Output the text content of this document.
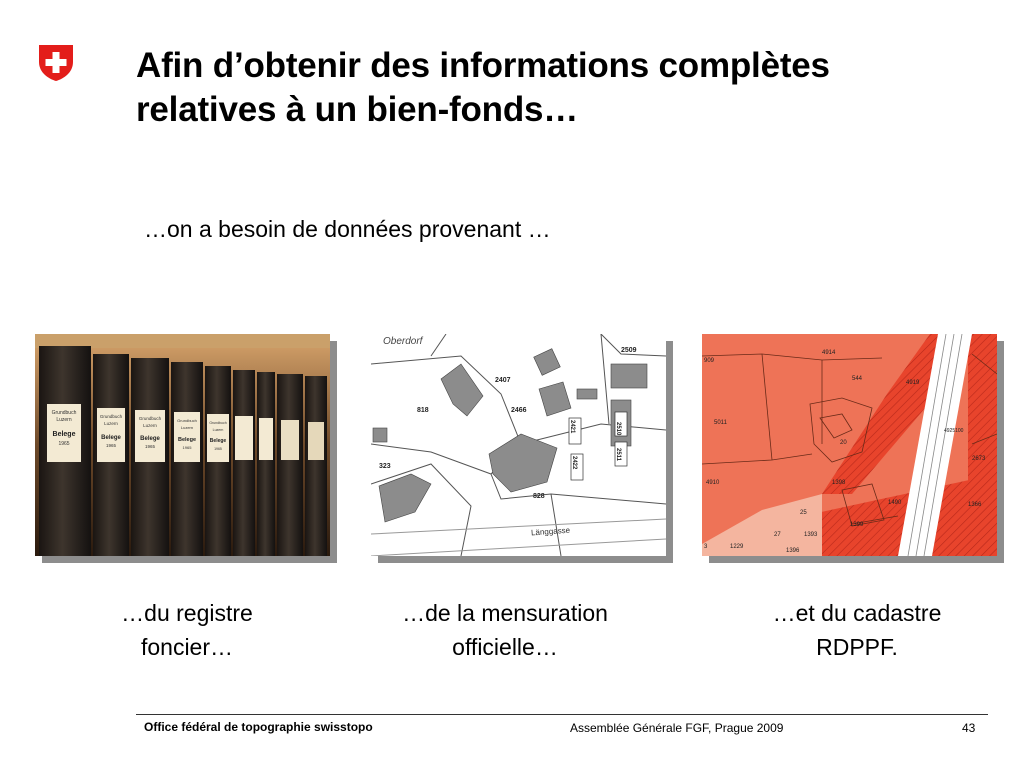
Afin d’obtenir des informations complètes
relatives à un bien-fonds…
…on a besoin de données provenant …
Grundbuch
Luzern
Belege
1965
Grundbuch
Luzern
Belege
1965
Grundbuch
Luzern
Belege
1965
Grundbuch
Luzern
Belege
1965
Grundbuch
Luzern
Belege
1965
Oberdorf
2509
2407
2466
818
2510
2421
2422
2511
323
828
Länggasse
909
4914
544
4919
5011
4910
1490
1399
1393
1396
27
25
20
2673
1366
1229
1398
3
4925100
…du registre
foncier…
…de la mensuration
officielle…
…et du cadastre
RDPPF.
Office fédéral de topographie swisstopo	Assemblée Générale FGF, Prague 2009	43
